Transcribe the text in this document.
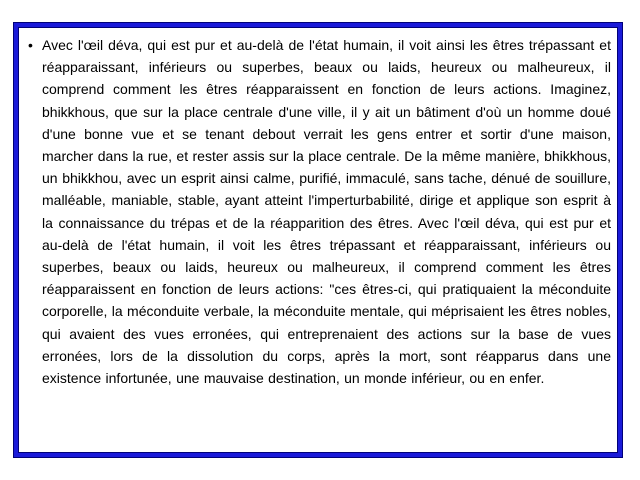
• Avec l'œil déva, qui est pur et au-delà de l'état humain, il voit ainsi les êtres trépassant et réapparaissant, inférieurs ou superbes, beaux ou laids, heureux ou malheureux, il comprend comment les êtres réapparaissent en fonction de leurs actions. Imaginez, bhikkhous, que sur la place centrale d'une ville, il y ait un bâtiment d'où un homme doué d'une bonne vue et se tenant debout verrait les gens entrer et sortir d'une maison, marcher dans la rue, et rester assis sur la place centrale. De la même manière, bhikkhous, un bhikkhou, avec un esprit ainsi calme, purifié, immaculé, sans tache, dénué de souillure, malléable, maniable, stable, ayant atteint l'imperturbabilité, dirige et applique son esprit à la connaissance du trépas et de la réapparition des êtres. Avec l'œil déva, qui est pur et au-delà de l'état humain, il voit les êtres trépassant et réapparaissant, inférieurs ou superbes, beaux ou laids, heureux ou malheureux, il comprend comment les êtres réapparaissent en fonction de leurs actions: "ces êtres-ci, qui pratiquaient la méconduite corporelle, la méconduite verbale, la méconduite mentale, qui méprisaient les êtres nobles, qui avaient des vues erronées, qui entreprenaient des actions sur la base de vues erronées, lors de la dissolution du corps, après la mort, sont réapparus dans une existence infortunée, une mauvaise destination, un monde inférieur, ou en enfer.
